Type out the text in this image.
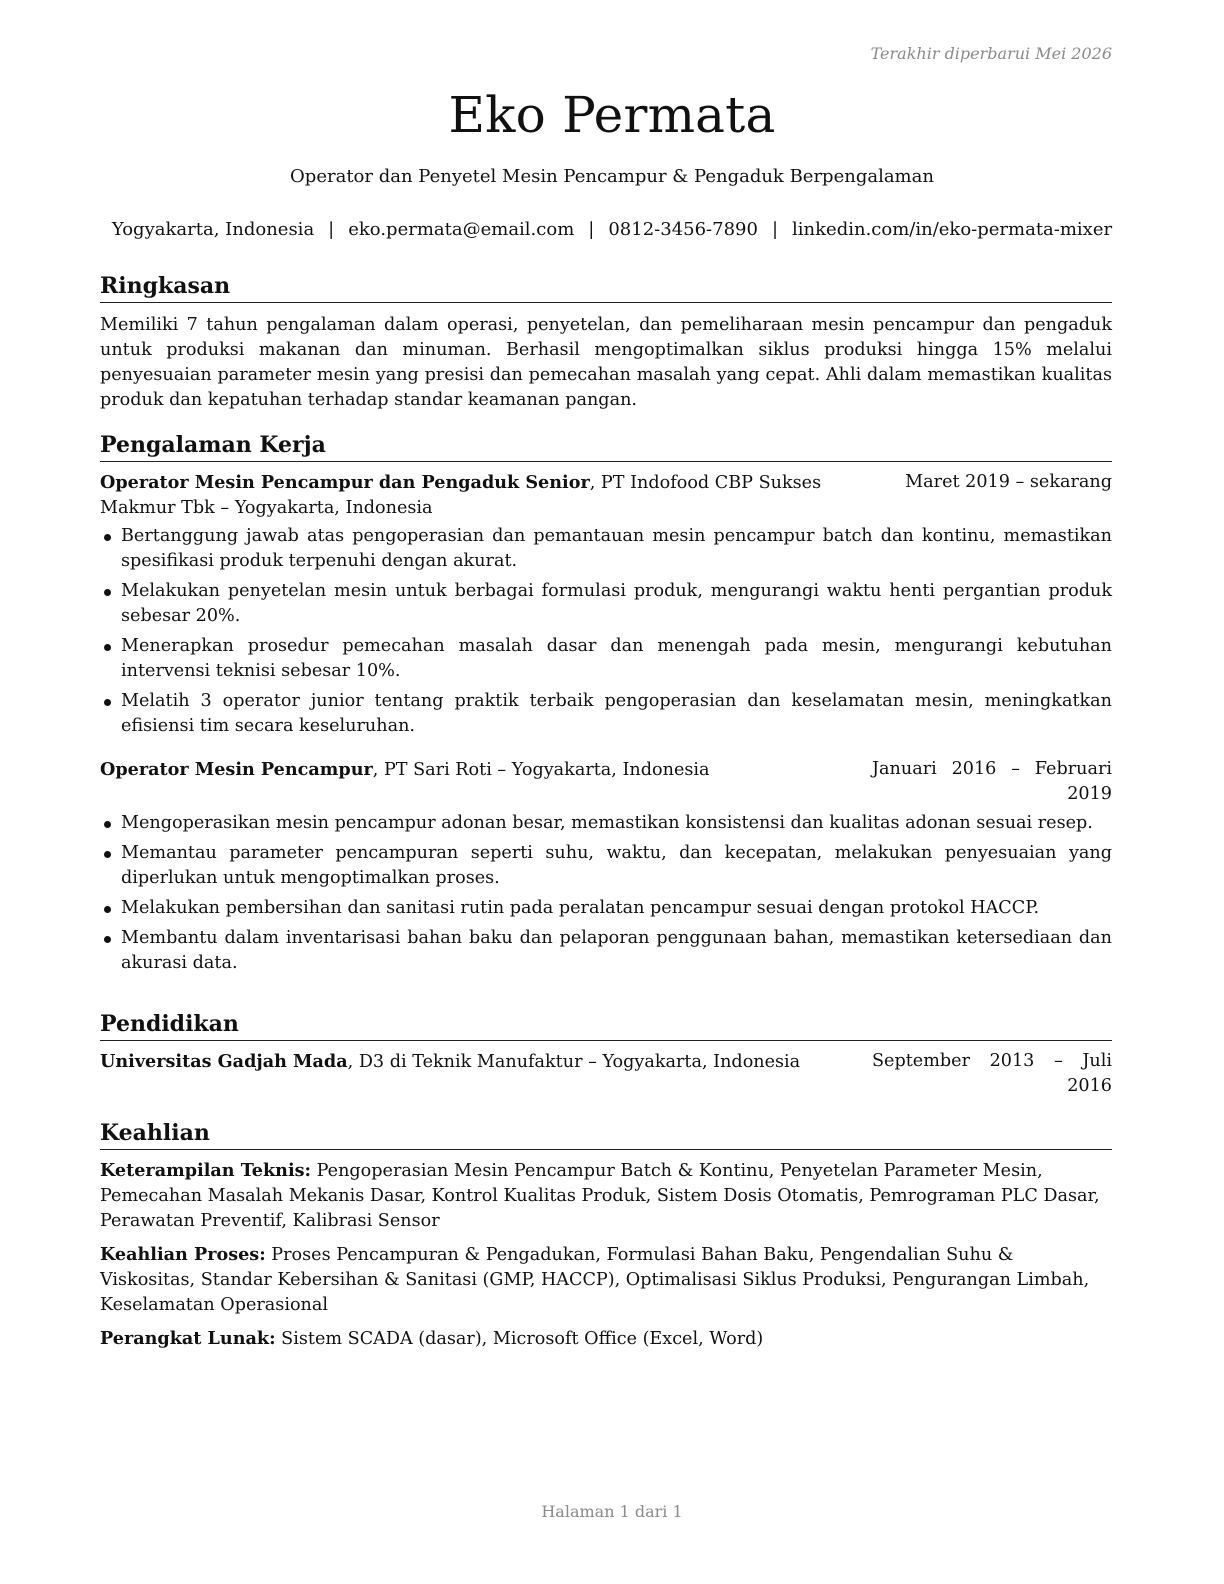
Terakhir diperbarui Mei 2026
Eko Permata
Operator dan Penyetel Mesin Pencampur & Pengaduk Berpengalaman
Yogyakarta, Indonesia | eko.permata@email.com | 0812-3456-7890 | linkedin.com/in/eko-permata-mixer
Ringkasan

Memiliki 7 tahun pengalaman dalam operasi, penyetelan, dan pemeliharaan mesin pencampur dan pengaduk untuk produksi makanan dan minuman. Berhasil mengoptimalkan siklus produksi hingga 15% melalui penyesuaian parameter mesin yang presisi dan pemecahan masalah yang cepat. Ahli dalam memastikan kualitas produk dan kepatuhan terhadap standar keamanan pangan.

Pengalaman Kerja
Operator Mesin Pencampur dan Pengaduk Senior, PT Indofood CBP Sukses Makmur Tbk – Yogyakarta, Indonesia
Maret 2019 – sekarang
Bertanggung jawab atas pengoperasian dan pemantauan mesin pencampur batch dan kontinu, memastikan spesifikasi produk terpenuhi dengan akurat.
Melakukan penyetelan mesin untuk berbagai formulasi produk, mengurangi waktu henti pergantian produk sebesar 20%.
Menerapkan prosedur pemecahan masalah dasar dan menengah pada mesin, mengurangi kebutuhan intervensi teknisi sebesar 10%.
Melatih 3 operator junior tentang praktik terbaik pengoperasian dan keselamatan mesin, meningkatkan efisiensi tim secara keseluruhan.
Operator Mesin Pencampur, PT Sari Roti – Yogyakarta, Indonesia	Januari 2016 – Februari 2019
Mengoperasikan mesin pencampur adonan besar, memastikan konsistensi dan kualitas adonan sesuai resep.
Memantau parameter pencampuran seperti suhu, waktu, dan kecepatan, melakukan penyesuaian yang diperlukan untuk mengoptimalkan proses.
Melakukan pembersihan dan sanitasi rutin pada peralatan pencampur sesuai dengan protokol HACCP.
Membantu dalam inventarisasi bahan baku dan pelaporan penggunaan bahan, memastikan ketersediaan dan akurasi data.
Pendidikan
Universitas Gadjah Mada, D3 di Teknik Manufaktur – Yogyakarta, Indonesia	September 2013 – Juli 2016
Keahlian
Keterampilan Teknis: Pengoperasian Mesin Pencampur Batch & Kontinu, Penyetelan Parameter Mesin, Pemecahan Masalah Mekanis Dasar, Kontrol Kualitas Produk, Sistem Dosis Otomatis, Pemrograman PLC Dasar, Perawatan Preventif, Kalibrasi Sensor
Keahlian Proses: Proses Pencampuran & Pengadukan, Formulasi Bahan Baku, Pengendalian Suhu & Viskositas, Standar Kebersihan & Sanitasi (GMP, HACCP), Optimalisasi Siklus Produksi, Pengurangan Limbah, Keselamatan Operasional
Perangkat Lunak: Sistem SCADA (dasar), Microsoft Office (Excel, Word)
Halaman 1 dari 1
